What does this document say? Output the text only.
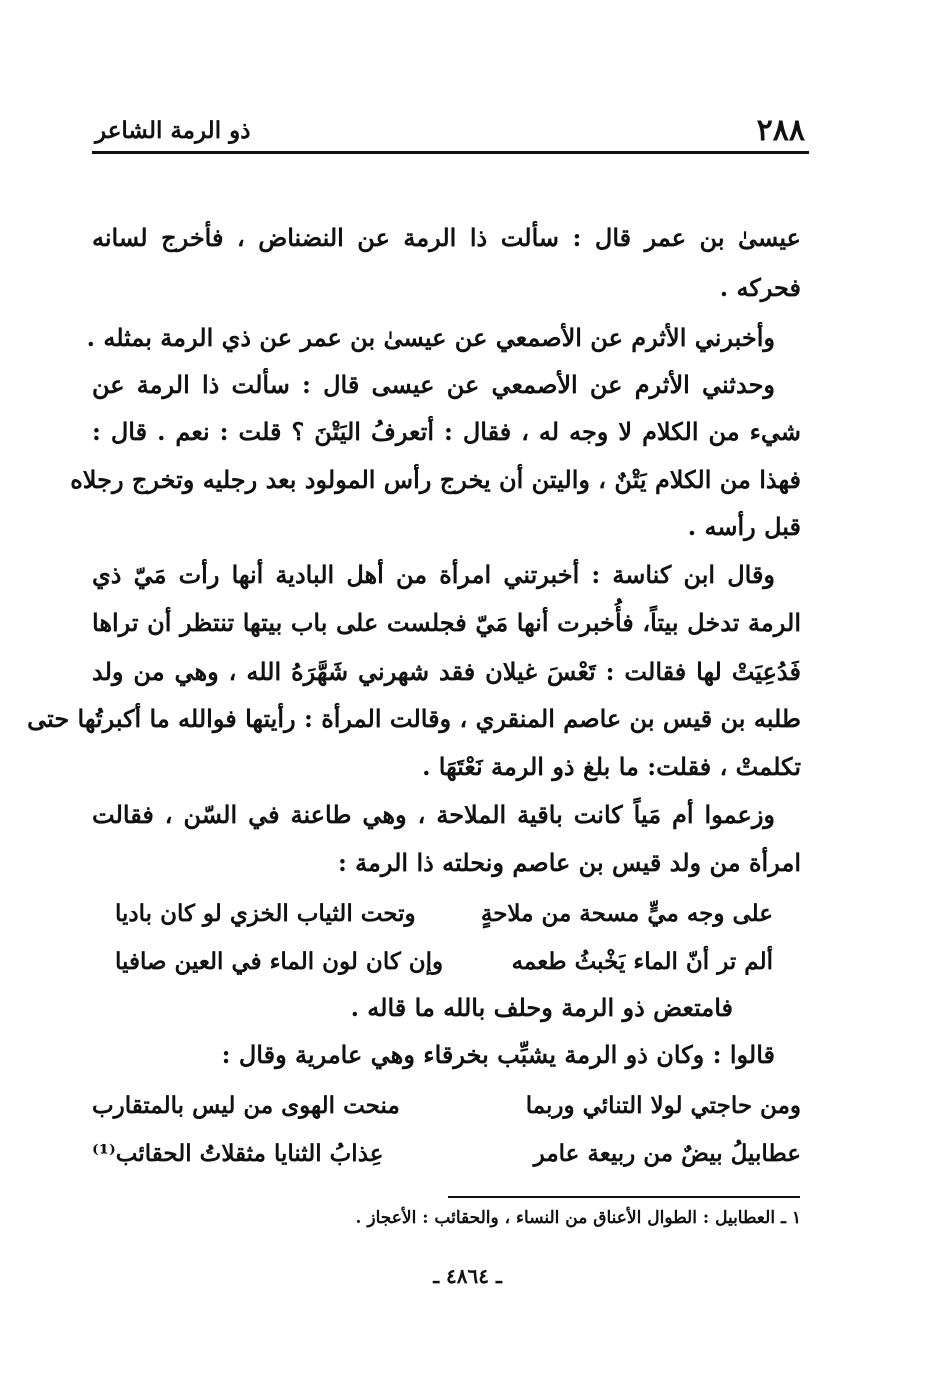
٢٨٨
ذو الرمة الشاعر
عيسىٰ بن عمر قال : سألت ذا الرمة عن النضناض ، فأخرج لسانه
فحركه .
وأخبرني الأثرم عن الأصمعي عن عيسىٰ بن عمر عن ذي الرمة بمثله .
وحدثني الأثرم عن الأصمعي عن عيسى قال : سألت ذا الرمة عن
شيء من الكلام لا وجه له ، فقال : أتعرفُ اليَتْنَ ؟ قلت : نعم . قال :
فهذا من الكلام يَتْنٌ ، واليتن أن يخرج رأس المولود بعد رجليه وتخرج رجلاه
قبل رأسه .
وقال ابن كناسة : أخبرتني امرأة من أهل البادية أنها رأت مَيّ ذي
الرمة تدخل بيتاً، فأُخبرت أنها مَيّ فجلست على باب بيتها تنتظر أن تراها
فَدُعِيَتْ لها فقالت : تَعْسَ غيلان فقد شهرني شَهَّرَهُ الله ، وهي من ولد
طلبه بن قيس بن عاصم المنقري ، وقالت المرأة : رأيتها فوالله ما أكبرتُها حتى
تكلمتْ ، فقلت: ما بلغ ذو الرمة نَعْتَهَا .
وزعموا أم مَياً كانت باقية الملاحة ، وهي طاعنة في السّن ، فقالت
امرأة من ولد قيس بن عاصم ونحلته ذا الرمة :
على وجه ميٍّ مسحة من ملاحةٍ
وتحت الثياب الخزي لو كان باديا
ألم تر أنّ الماء يَخْبثُ طعمه
وإن كان لون الماء في العين صافيا
فامتعض ذو الرمة وحلف بالله ما قاله .
قالوا : وكان ذو الرمة يشبِّب بخرقاء وهي عامرية وقال :
ومن حاجتي لولا التنائي وربما
منحت الهوى من ليس بالمتقارب
عطابيلُ بيضٌ من ربيعة عامر
عِذابُ الثنايا مثقلاتُ الحقائب⁽¹⁾
١ ـ العطابيل : الطوال الأعناق من النساء ، والحقائب : الأعجاز .
ـ ٤٨٦٤ ـ
